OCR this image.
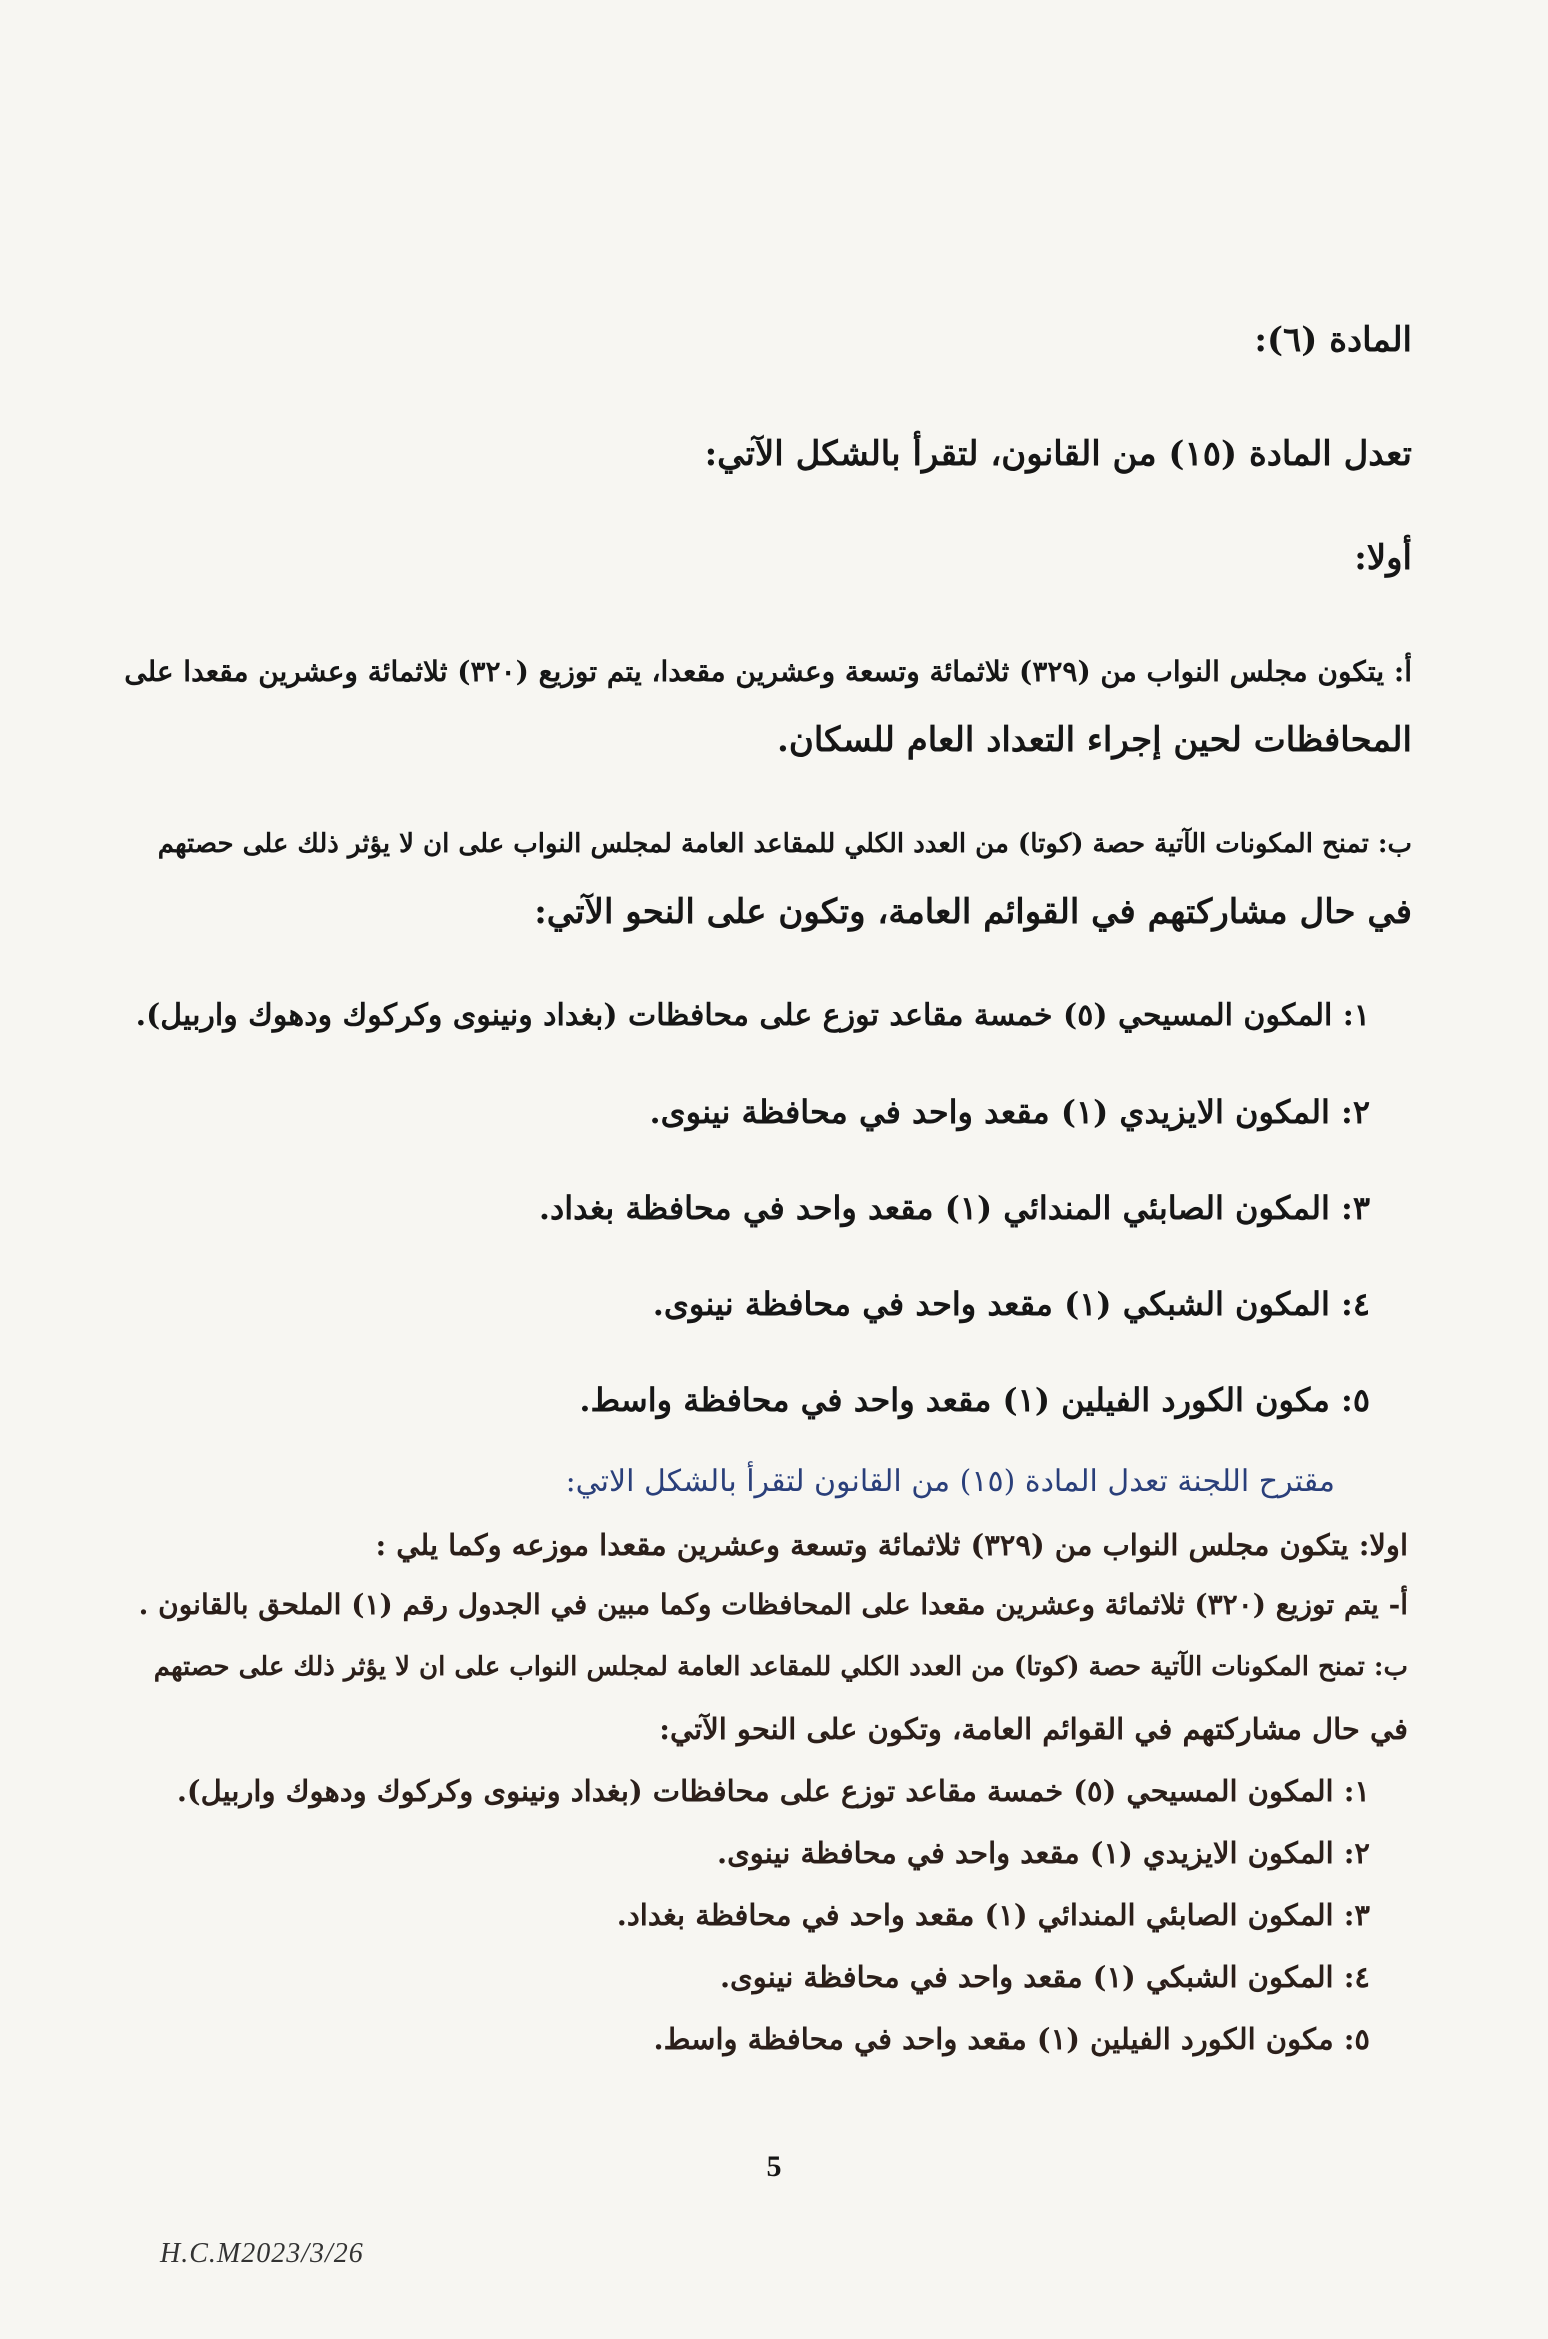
المادة (٦):

تعدل المادة (١٥) من القانون، لتقرأ بالشكل الآتي:

أولا:

أ: يتكون مجلس النواب من (٣٢٩) ثلاثمائة وتسعة وعشرين مقعدا، يتم توزيع (٣٢٠) ثلاثمائة وعشرين مقعدا على

المحافظات لحين إجراء التعداد العام للسكان.

ب: تمنح المكونات الآتية حصة (كوتا) من العدد الكلي للمقاعد العامة لمجلس النواب على ان لا يؤثر ذلك على حصتهم

في حال مشاركتهم في القوائم العامة، وتكون على النحو الآتي:

١: المكون المسيحي (٥) خمسة مقاعد توزع على محافظات (بغداد ونينوى وكركوك ودهوك واربيل).

٢: المكون الايزيدي (١) مقعد واحد في محافظة نينوى.

٣: المكون الصابئي المندائي (١) مقعد واحد في محافظة بغداد.

٤: المكون الشبكي (١) مقعد واحد في محافظة نينوى.

٥: مكون الكورد الفيلين (١) مقعد واحد في محافظة واسط.

مقترح اللجنة تعدل المادة (١٥) من القانون لتقرأ بالشكل الاتي:

اولا: يتكون مجلس النواب من (٣٢٩) ثلاثمائة وتسعة وعشرين مقعدا موزعه وكما يلي :

أ- يتم توزيع (٣٢٠) ثلاثمائة وعشرين مقعدا على المحافظات وكما مبين في الجدول رقم (١) الملحق بالقانون .

ب: تمنح المكونات الآتية حصة (كوتا) من العدد الكلي للمقاعد العامة لمجلس النواب على ان لا يؤثر ذلك على حصتهم

في حال مشاركتهم في القوائم العامة، وتكون على النحو الآتي:

١: المكون المسيحي (٥) خمسة مقاعد توزع على محافظات (بغداد ونينوى وكركوك ودهوك واربيل).

٢: المكون الايزيدي (١) مقعد واحد في محافظة نينوى.

٣: المكون الصابئي المندائي (١) مقعد واحد في محافظة بغداد.

٤: المكون الشبكي (١) مقعد واحد في محافظة نينوى.

٥: مكون الكورد الفيلين (١) مقعد واحد في محافظة واسط.

5
H.C.M2023/3/26
